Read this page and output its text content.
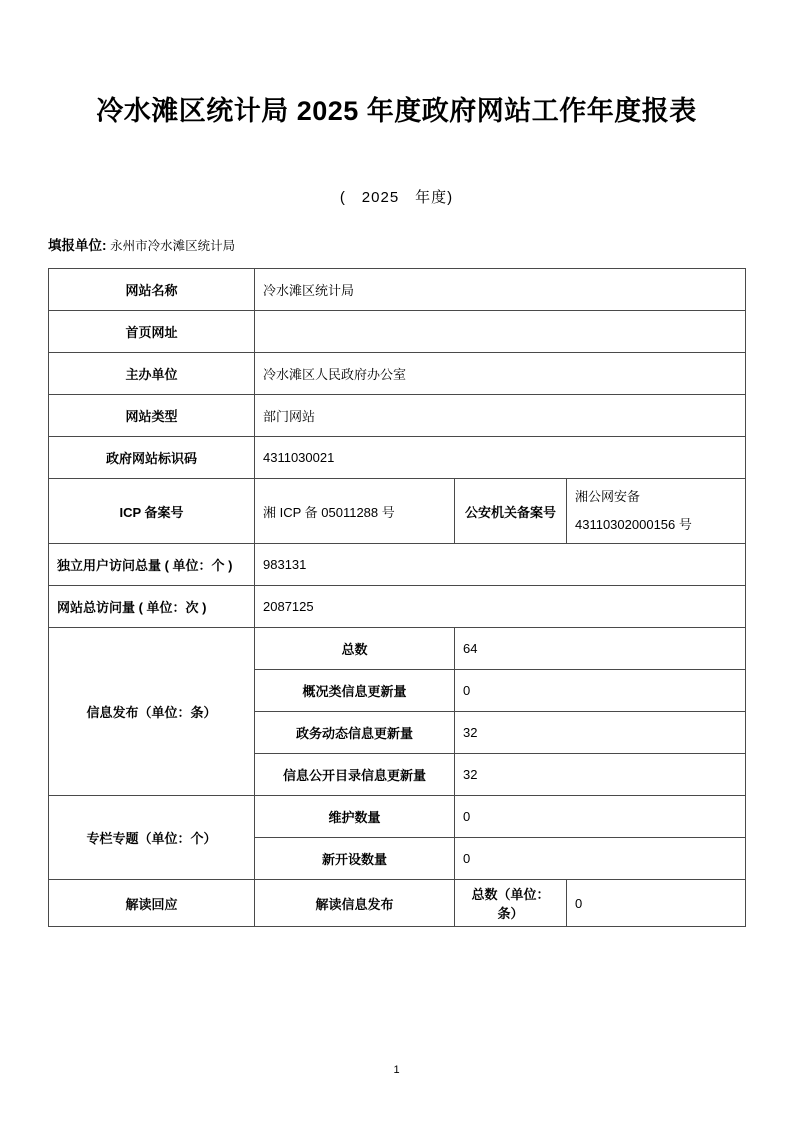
冷水滩区统计局 2025 年度政府网站工作年度报表
(　2025　年度)
填报单位: 永州市冷水滩区统计局
网站名称	冷水滩区统计局		
首页网址			
主办单位	冷水滩区人民政府办公室		
网站类型	部门网站		
政府网站标识码	4311030021		
ICP 备案号	湘 ICP 备 05011288 号	公安机关备案号	湘公网安备
43110302000156 号

独立用户访问总量 ( 单位：个 )	983131		
网站总访问量 ( 单位：次 )	2087125		
信息发布（单位：条）	总数	64	
	概况类信息更新量	0	
	政务动态信息更新量	32	
	信息公开目录信息更新量	32	
专栏专题（单位：个）	维护数量	0	
	新开设数量	0	
解读回应	解读信息发布	总数（单位：条）	0
1
